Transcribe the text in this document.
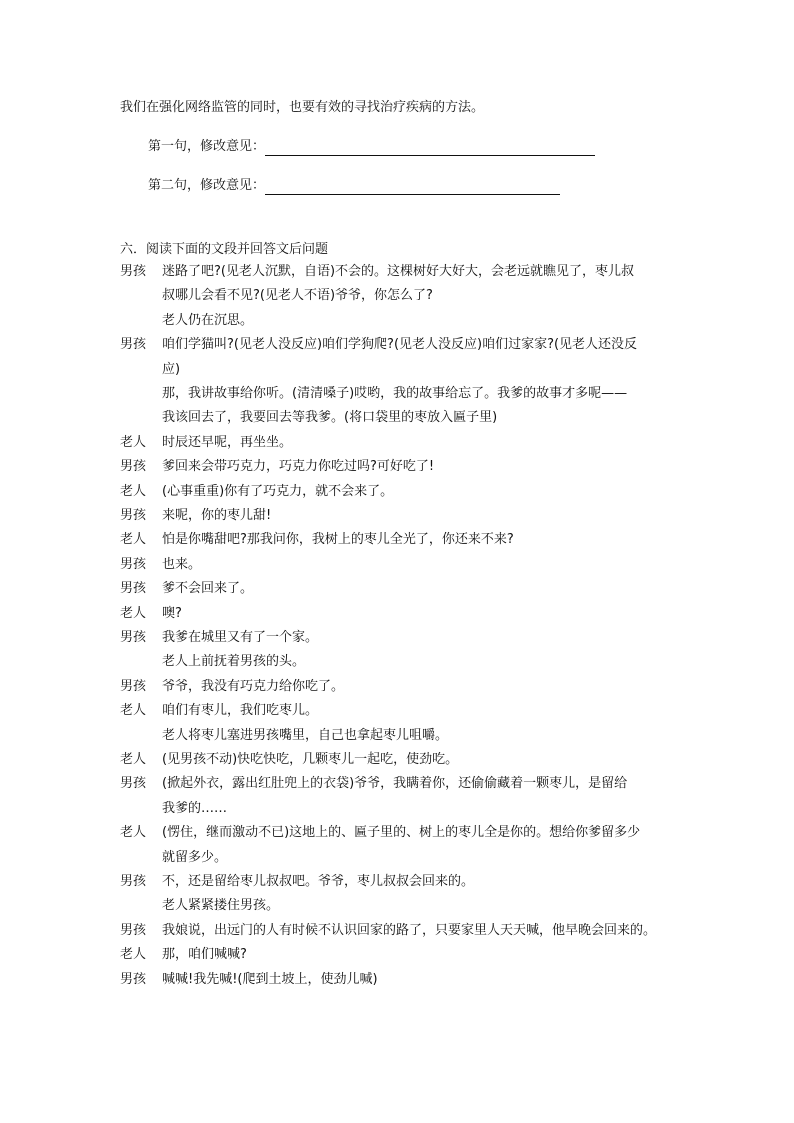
我们在强化网络监管的同时，也要有效的寻找治疗疾病的方法。
第一句，修改意见：
第二句，修改意见：
六．阅读下面的文段并回答文后问题
男孩	迷路了吧?(见老人沉默，自语)不会的。这棵树好大好大，会老远就瞧见了，枣儿叔
叔哪儿会看不见?(见老人不语)爷爷，你怎么了?
老人仍在沉思。
男孩	咱们学猫叫?(见老人没反应)咱们学狗爬?(见老人没反应)咱们过家家?(见老人还没反
应)
那，我讲故事给你听。(清清嗓子)哎哟，我的故事给忘了。我爹的故事才多呢——
我该回去了，我要回去等我爹。(将口袋里的枣放入匾子里)
老人	时辰还早呢，再坐坐。
男孩	爹回来会带巧克力，巧克力你吃过吗?可好吃了!
老人	(心事重重)你有了巧克力，就不会来了。
男孩	来呢，你的枣儿甜!
老人	怕是你嘴甜吧?那我问你，我树上的枣儿全光了，你还来不来?
男孩	也来。
男孩	爹不会回来了。
老人	噢?
男孩	我爹在城里又有了一个家。
老人上前抚着男孩的头。
男孩	爷爷，我没有巧克力给你吃了。
老人	咱们有枣儿，我们吃枣儿。
老人将枣儿塞进男孩嘴里，自己也拿起枣儿咀嚼。
老人	(见男孩不动)快吃快吃，几颗枣儿一起吃，使劲吃。
男孩	(掀起外衣，露出红肚兜上的衣袋)爷爷，我瞒着你，还偷偷藏着一颗枣儿，是留给
我爹的……
老人	(愣住，继而激动不已)这地上的、匾子里的、树上的枣儿全是你的。想给你爹留多少
就留多少。
男孩	不，还是留给枣儿叔叔吧。爷爷，枣儿叔叔会回来的。
老人紧紧搂住男孩。
男孩	我娘说，出远门的人有时候不认识回家的路了，只要家里人天天喊，他早晚会回来的。
老人	那，咱们喊喊?
男孩	喊喊!我先喊!(爬到土坡上，使劲儿喊)
